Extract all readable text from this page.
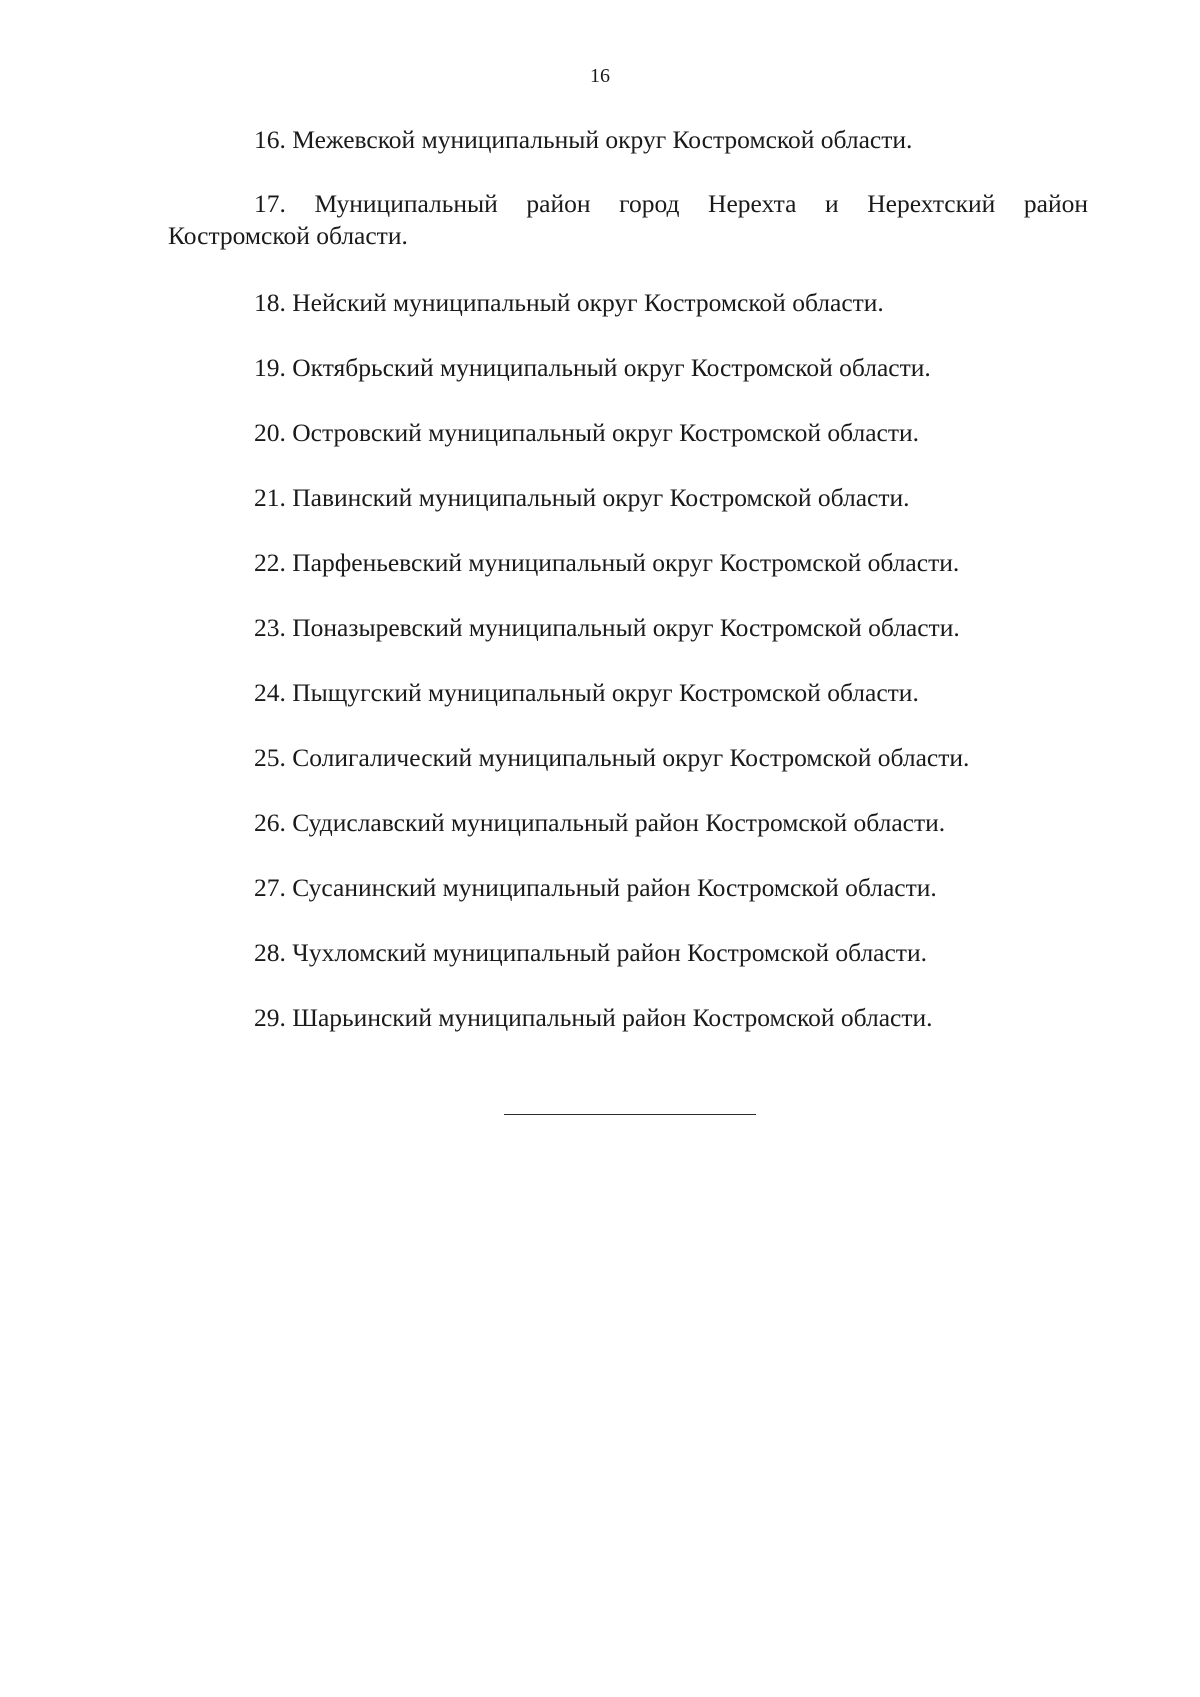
16

16. Межевской муниципальный округ Костромской области.
17. Муниципальный район город Нерехта и Нерехтский район
Костромской области.
18. Нейский муниципальный округ Костромской области.
19. Октябрьский муниципальный округ Костромской области.
20. Островский муниципальный округ Костромской области.
21. Павинский муниципальный округ Костромской области.
22. Парфеньевский муниципальный округ Костромской области.
23. Поназыревский муниципальный округ Костромской области.
24. Пыщугский муниципальный округ Костромской области.
25. Солигалический муниципальный округ Костромской области.
26. Судиславский муниципальный район Костромской области.
27. Сусанинский муниципальный район Костромской области.
28. Чухломский муниципальный район Костромской области.
29. Шарьинский муниципальный район Костромской области.
